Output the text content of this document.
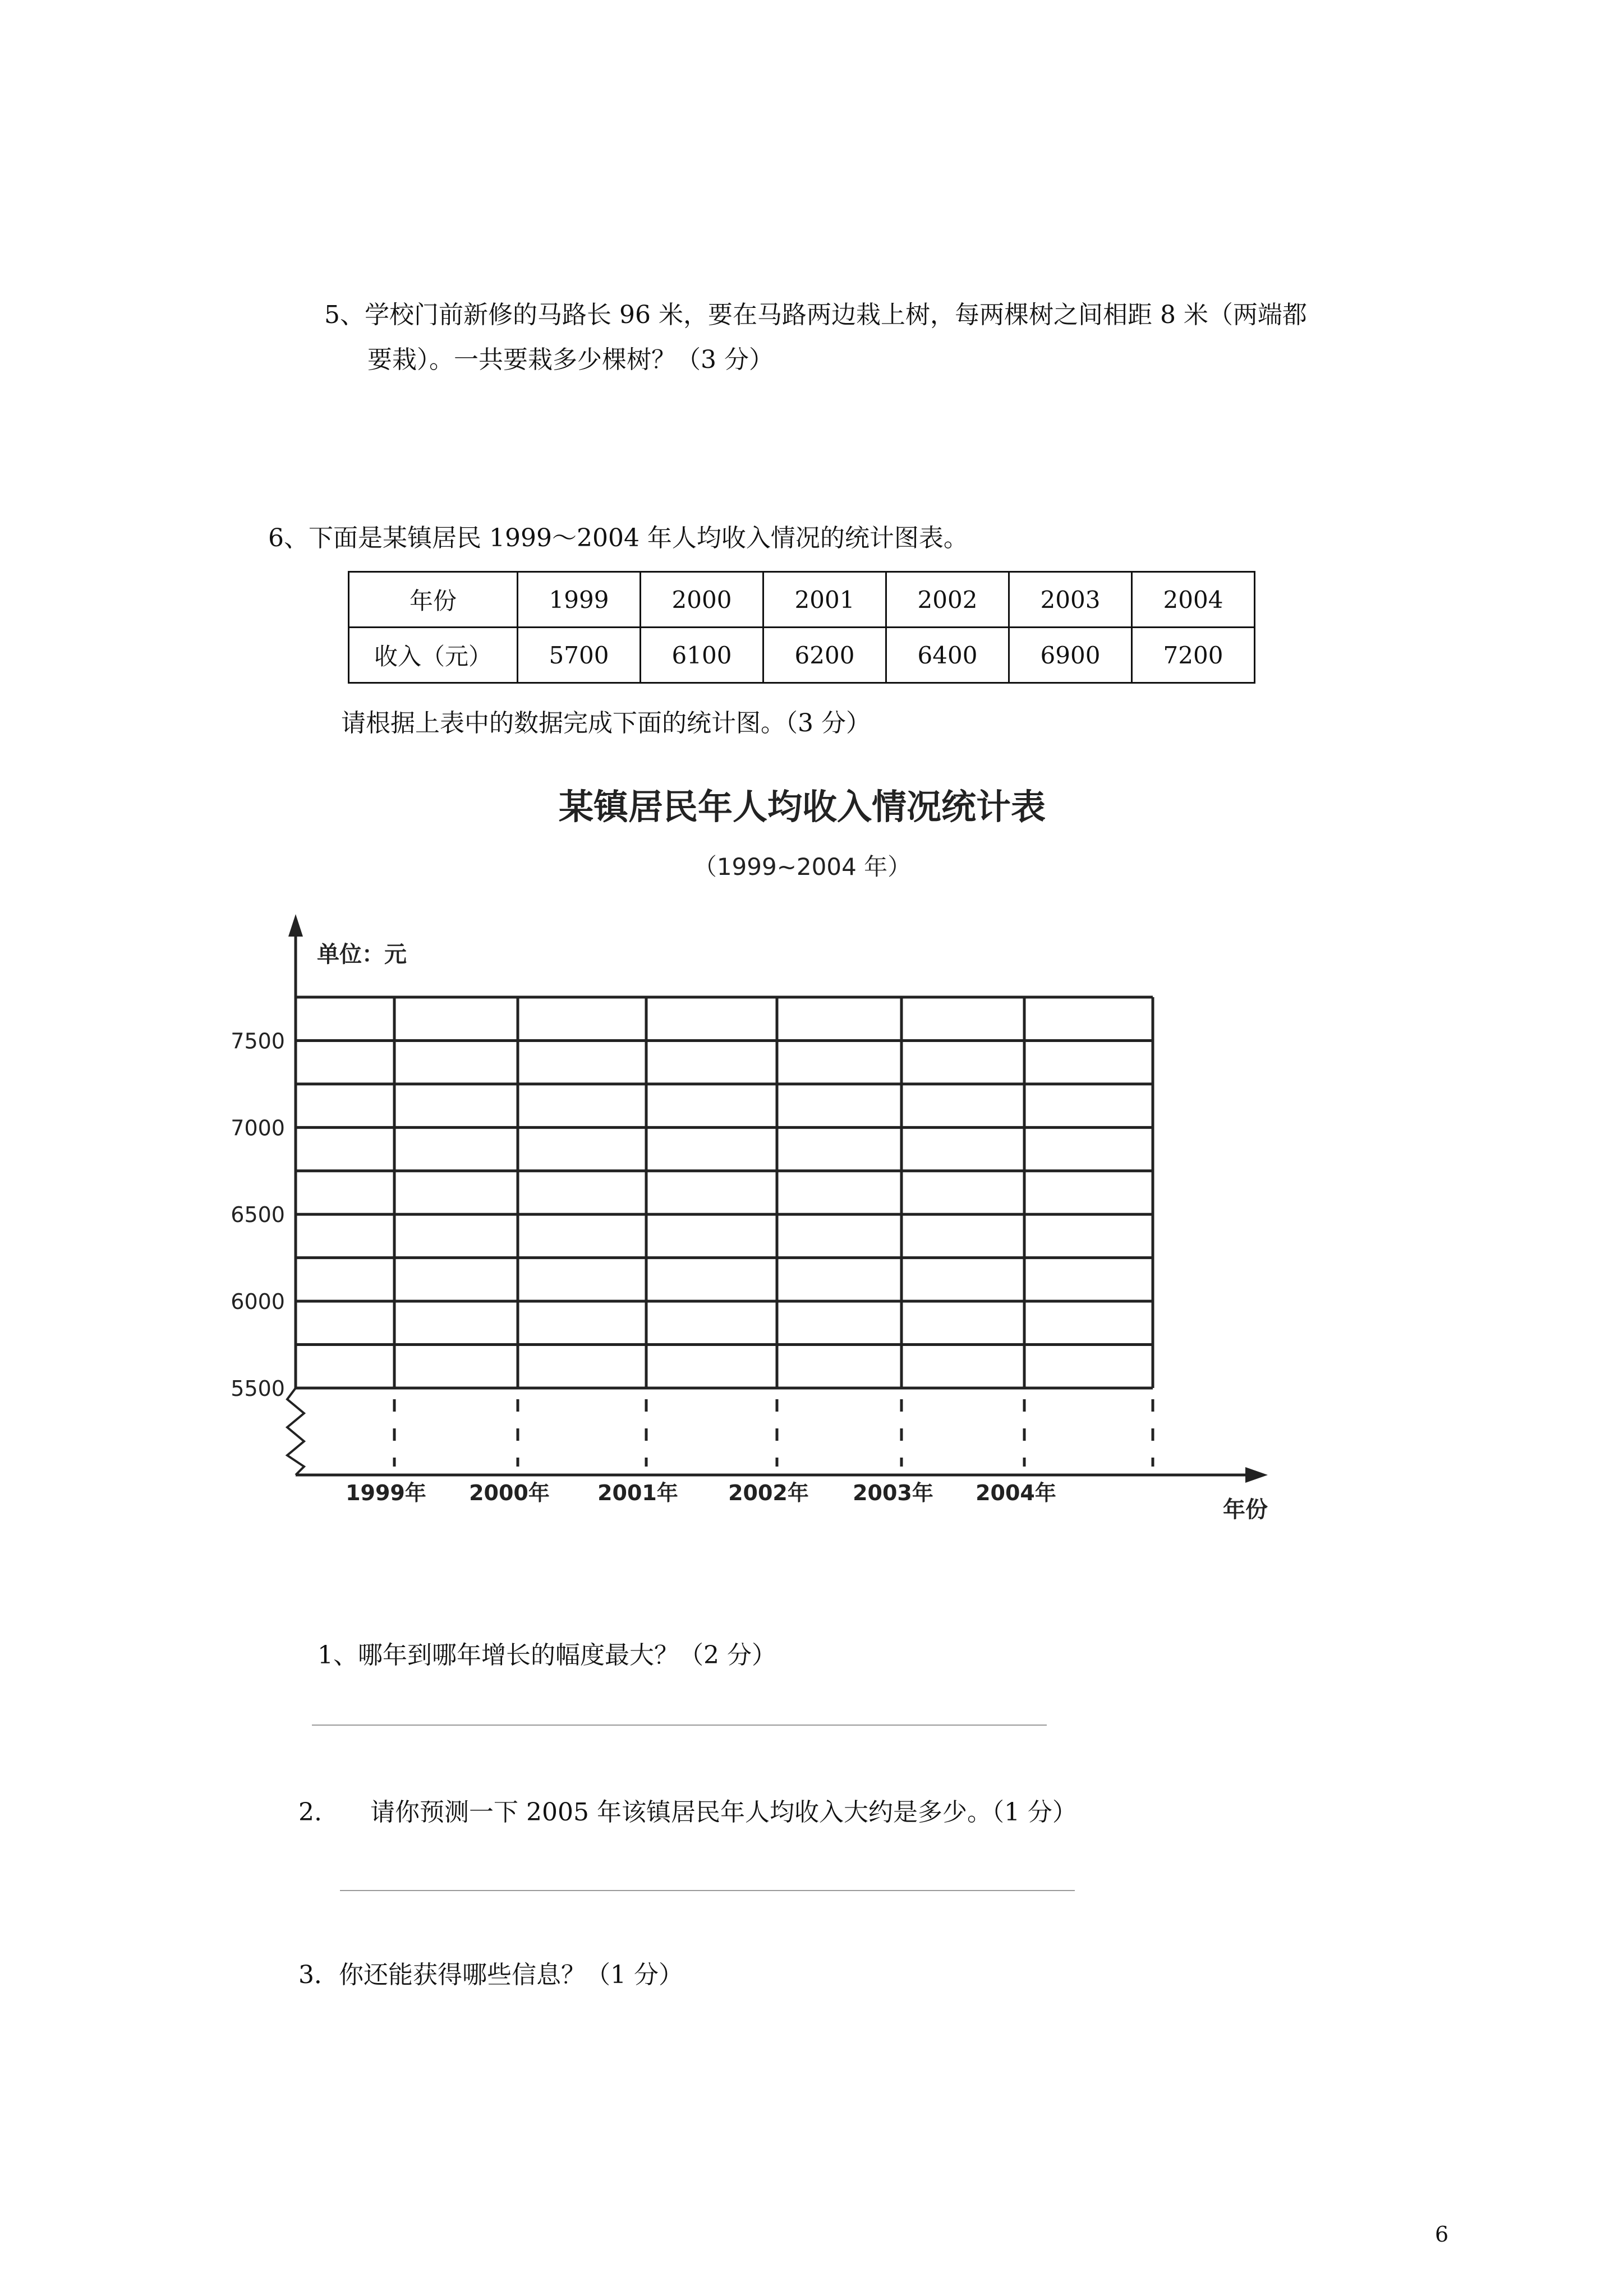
5、学校门前新修的马路长 96 米，要在马路两边栽上树，每两棵树之间相距 8 米（两端都
要栽）。一共要栽多少棵树？（3 分）
6、下面是某镇居民 1999～2004 年人均收入情况的统计图表。
年份	1999	2000	2001	2002	2003	2004
收入（元）	5700	6100	6200	6400	6900	7200
请根据上表中的数据完成下面的统计图。（3 分）
某镇居民年人均收入情况统计表
（1999~2004 年）
单位：元
7500
7000
6500
6000
5500
1999年 2000年 2001年 2002年 2003年 2004年
年份
1、哪年到哪年增长的幅度最大？（2 分）
2. 请你预测一下 2005 年该镇居民年人均收入大约是多少。（1 分）
3．你还能获得哪些信息？（1 分）
6
